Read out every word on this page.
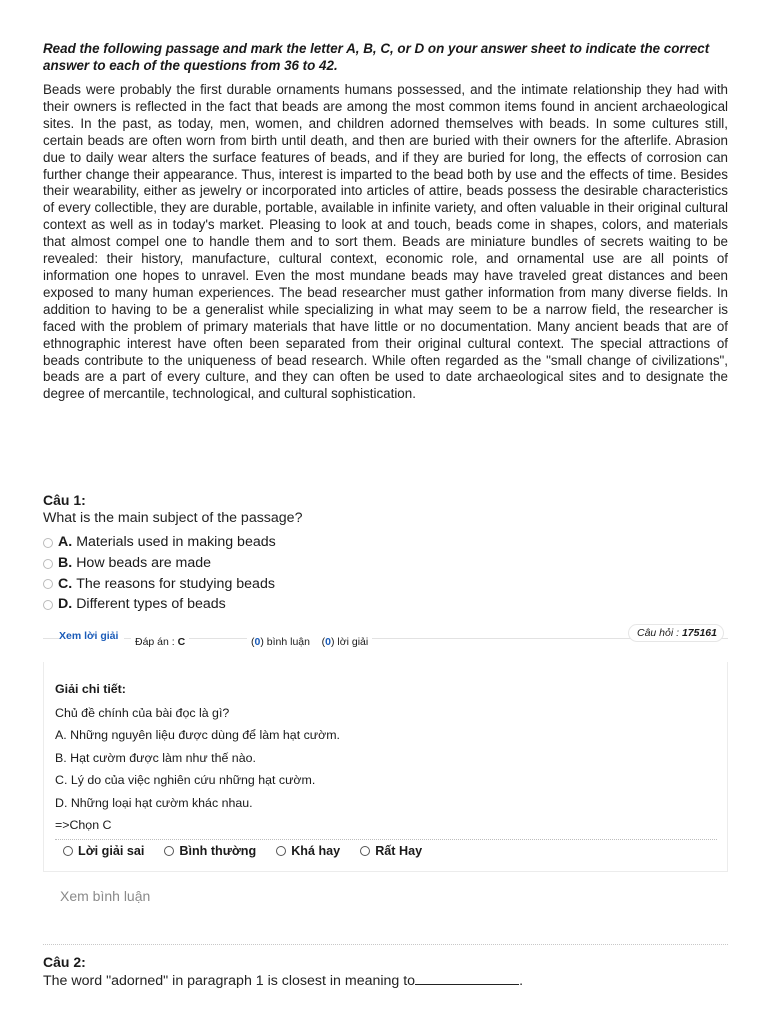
Read the following passage and mark the letter A, B, C, or D on your answer sheet to indicate the correct answer to each of the questions from 36 to 42.
Beads were probably the first durable ornaments humans possessed, and the intimate relationship they had with their owners is reflected in the fact that beads are among the most common items found in ancient archaeological sites. In the past, as today, men, women, and children adorned themselves with beads. In some cultures still, certain beads are often worn from birth until death, and then are buried with their owners for the afterlife. Abrasion due to daily wear alters the surface features of beads, and if they are buried for long, the effects of corrosion can further change their appearance. Thus, interest is imparted to the bead both by use and the effects of time. Besides their wearability, either as jewelry or incorporated into articles of attire, beads possess the desirable characteristics of every collectible, they are durable, portable, available in infinite variety, and often valuable in their original cultural context as well as in today's market. Pleasing to look at and touch, beads come in shapes, colors, and materials that almost compel one to handle them and to sort them. Beads are miniature bundles of secrets waiting to be revealed: their history, manufacture, cultural context, economic role, and ornamental use are all points of information one hopes to unravel. Even the most mundane beads may have traveled great distances and been exposed to many human experiences. The bead researcher must gather information from many diverse fields. In addition to having to be a generalist while specializing in what may seem to be a narrow field, the researcher is faced with the problem of primary materials that have little or no documentation. Many ancient beads that are of ethnographic interest have often been separated from their original cultural context. The special attractions of beads contribute to the uniqueness of bead research. While often regarded as the "small change of civilizations", beads are a part of every culture, and they can often be used to date archaeological sites and to designate the degree of mercantile, technological, and cultural sophistication.
Câu 1:
What is the main subject of the passage?
A. Materials used in making beads
B. How beads are made
C. The reasons for studying beads
D. Different types of beads
Xem lời giải	Đáp án : C	(0) bình luận    (0) lời giải
Câu hỏi : 175161
Giải chi tiết:
Chủ đề chính của bài đọc là gì?
A. Những nguyên liệu được dùng để làm hạt cườm.
B. Hạt cườm được làm như thế nào.
C. Lý do của việc nghiên cứu những hạt cườm.
D. Những loại hạt cườm khác nhau.
=>Chọn C
Lời giải sai	Bình thường	Khá hay	Rất Hay
Xem bình luận
Câu 2:
The word "adorned" in paragraph 1 is closest in meaning to	.
